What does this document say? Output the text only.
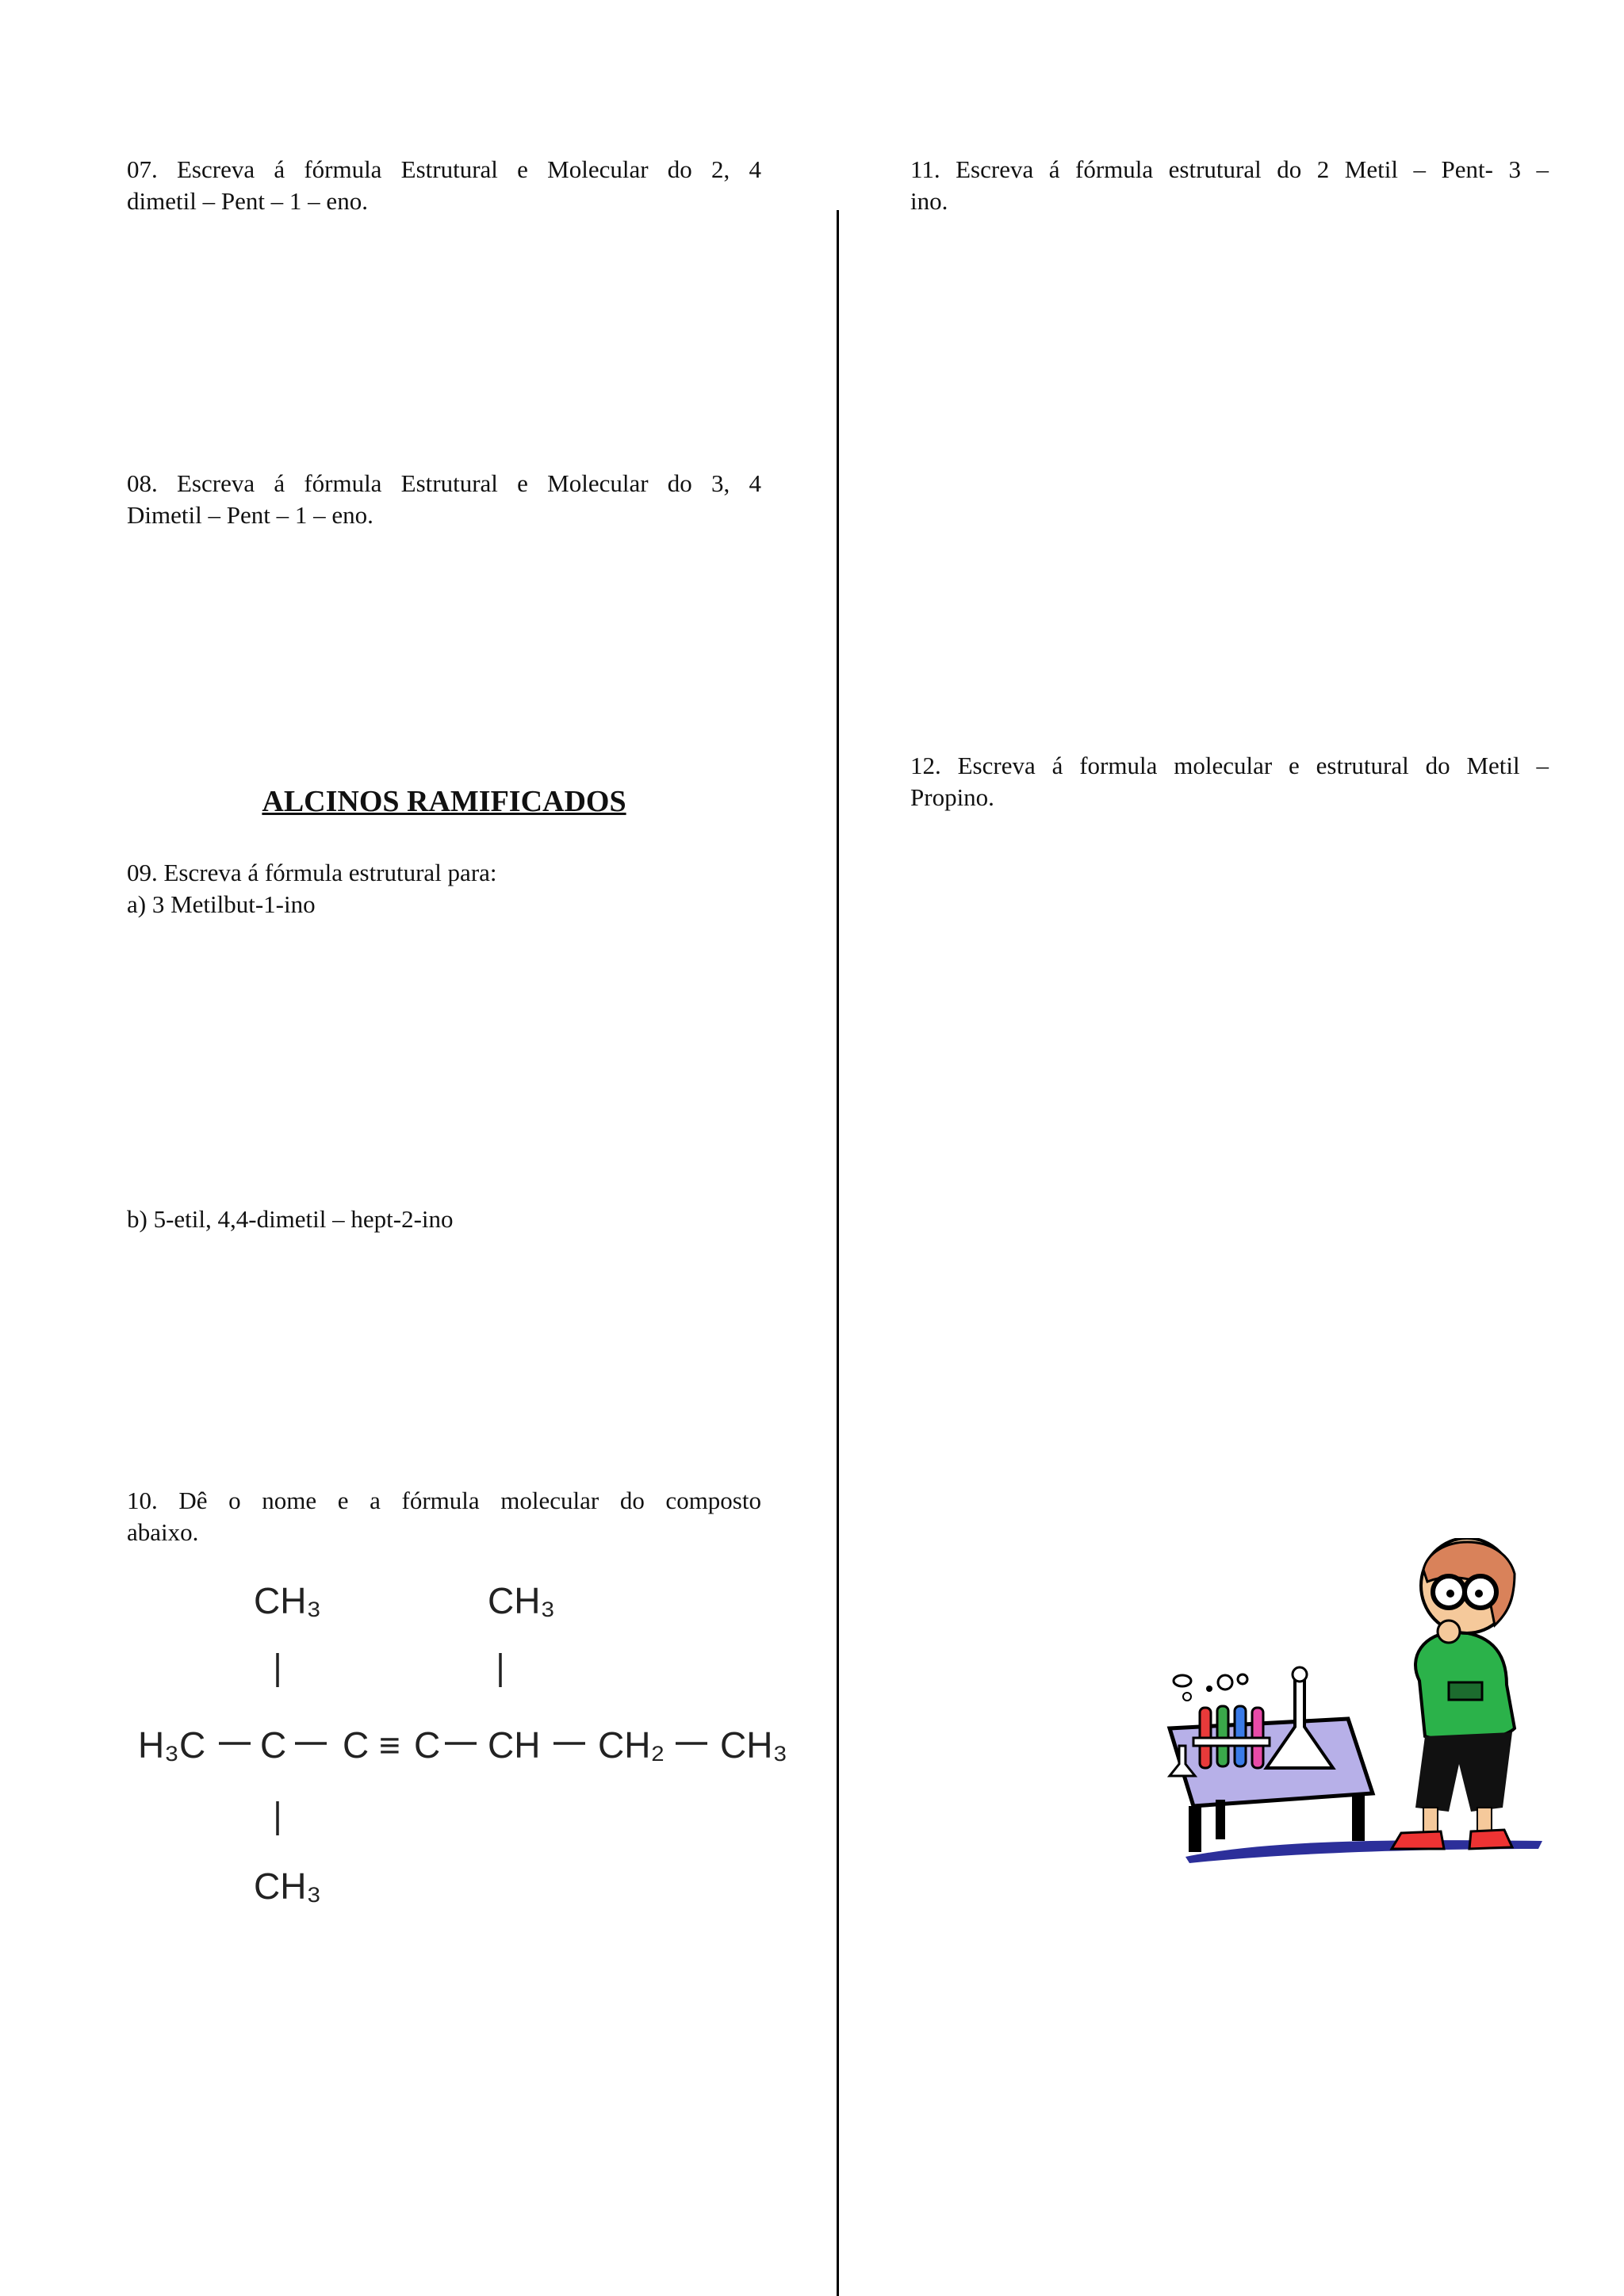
07. Escreva á fórmula Estrutural e Molecular do 2, 4
dimetil – Pent – 1 – eno.
08. Escreva á fórmula Estrutural e Molecular do 3, 4
Dimetil – Pent – 1 – eno.
ALCINOS RAMIFICADOS
09. Escreva á fórmula estrutural para:
a) 3 Metilbut-1-ino
b) 5-etil, 4,4-dimetil – hept-2-ino
10. Dê o nome e a fórmula molecular do composto
abaixo.
CH₃	CH₃
H₃C C C ≡ C CH CH₂ CH₃
CH₃
11. Escreva á fórmula estrutural do 2 Metil – Pent- 3 –
ino.
12. Escreva á formula molecular e estrutural do Metil –
Propino.
